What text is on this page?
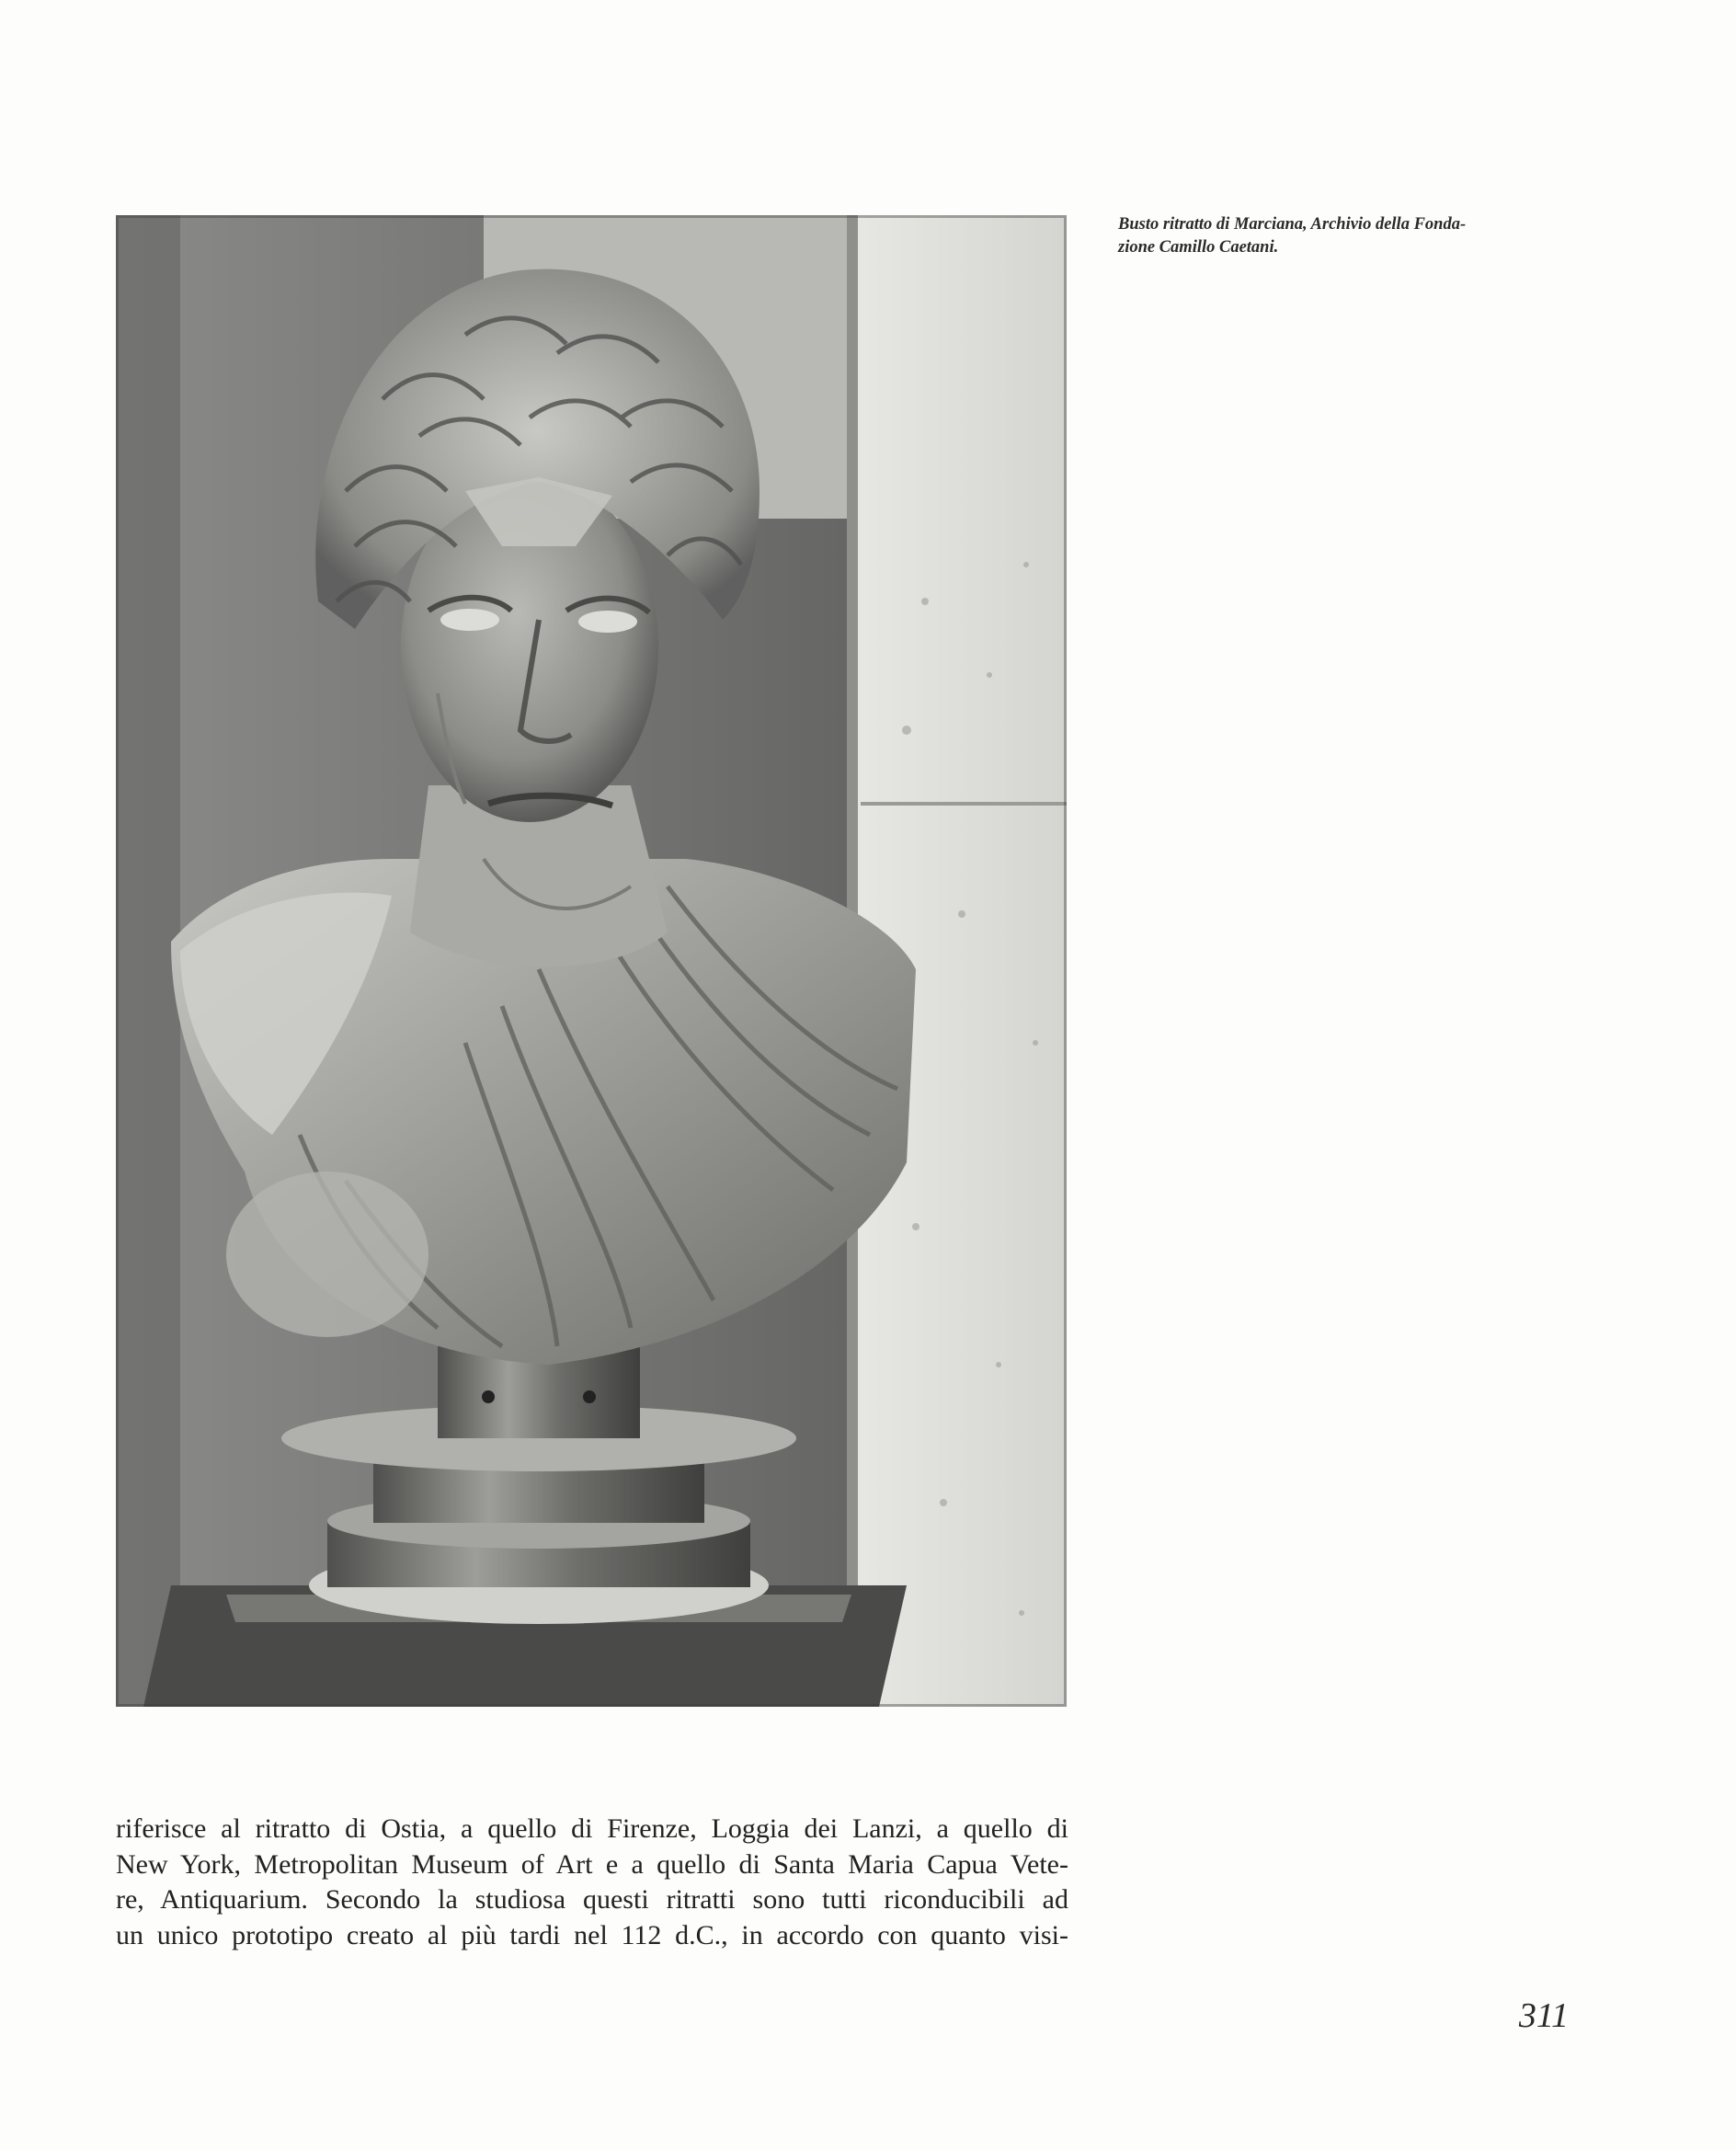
Busto ritratto di Marciana, Archivio della Fonda-
zione Camillo Caetani.
riferisce al ritratto di Ostia, a quello di Firenze, Loggia dei Lanzi, a quello di
New York, Metropolitan Museum of Art e a quello di Santa Maria Capua Vete-
re, Antiquarium. Secondo la studiosa questi ritratti sono tutti riconducibili ad
un unico prototipo creato al più tardi nel 112 d.C., in accordo con quanto visi-
311
